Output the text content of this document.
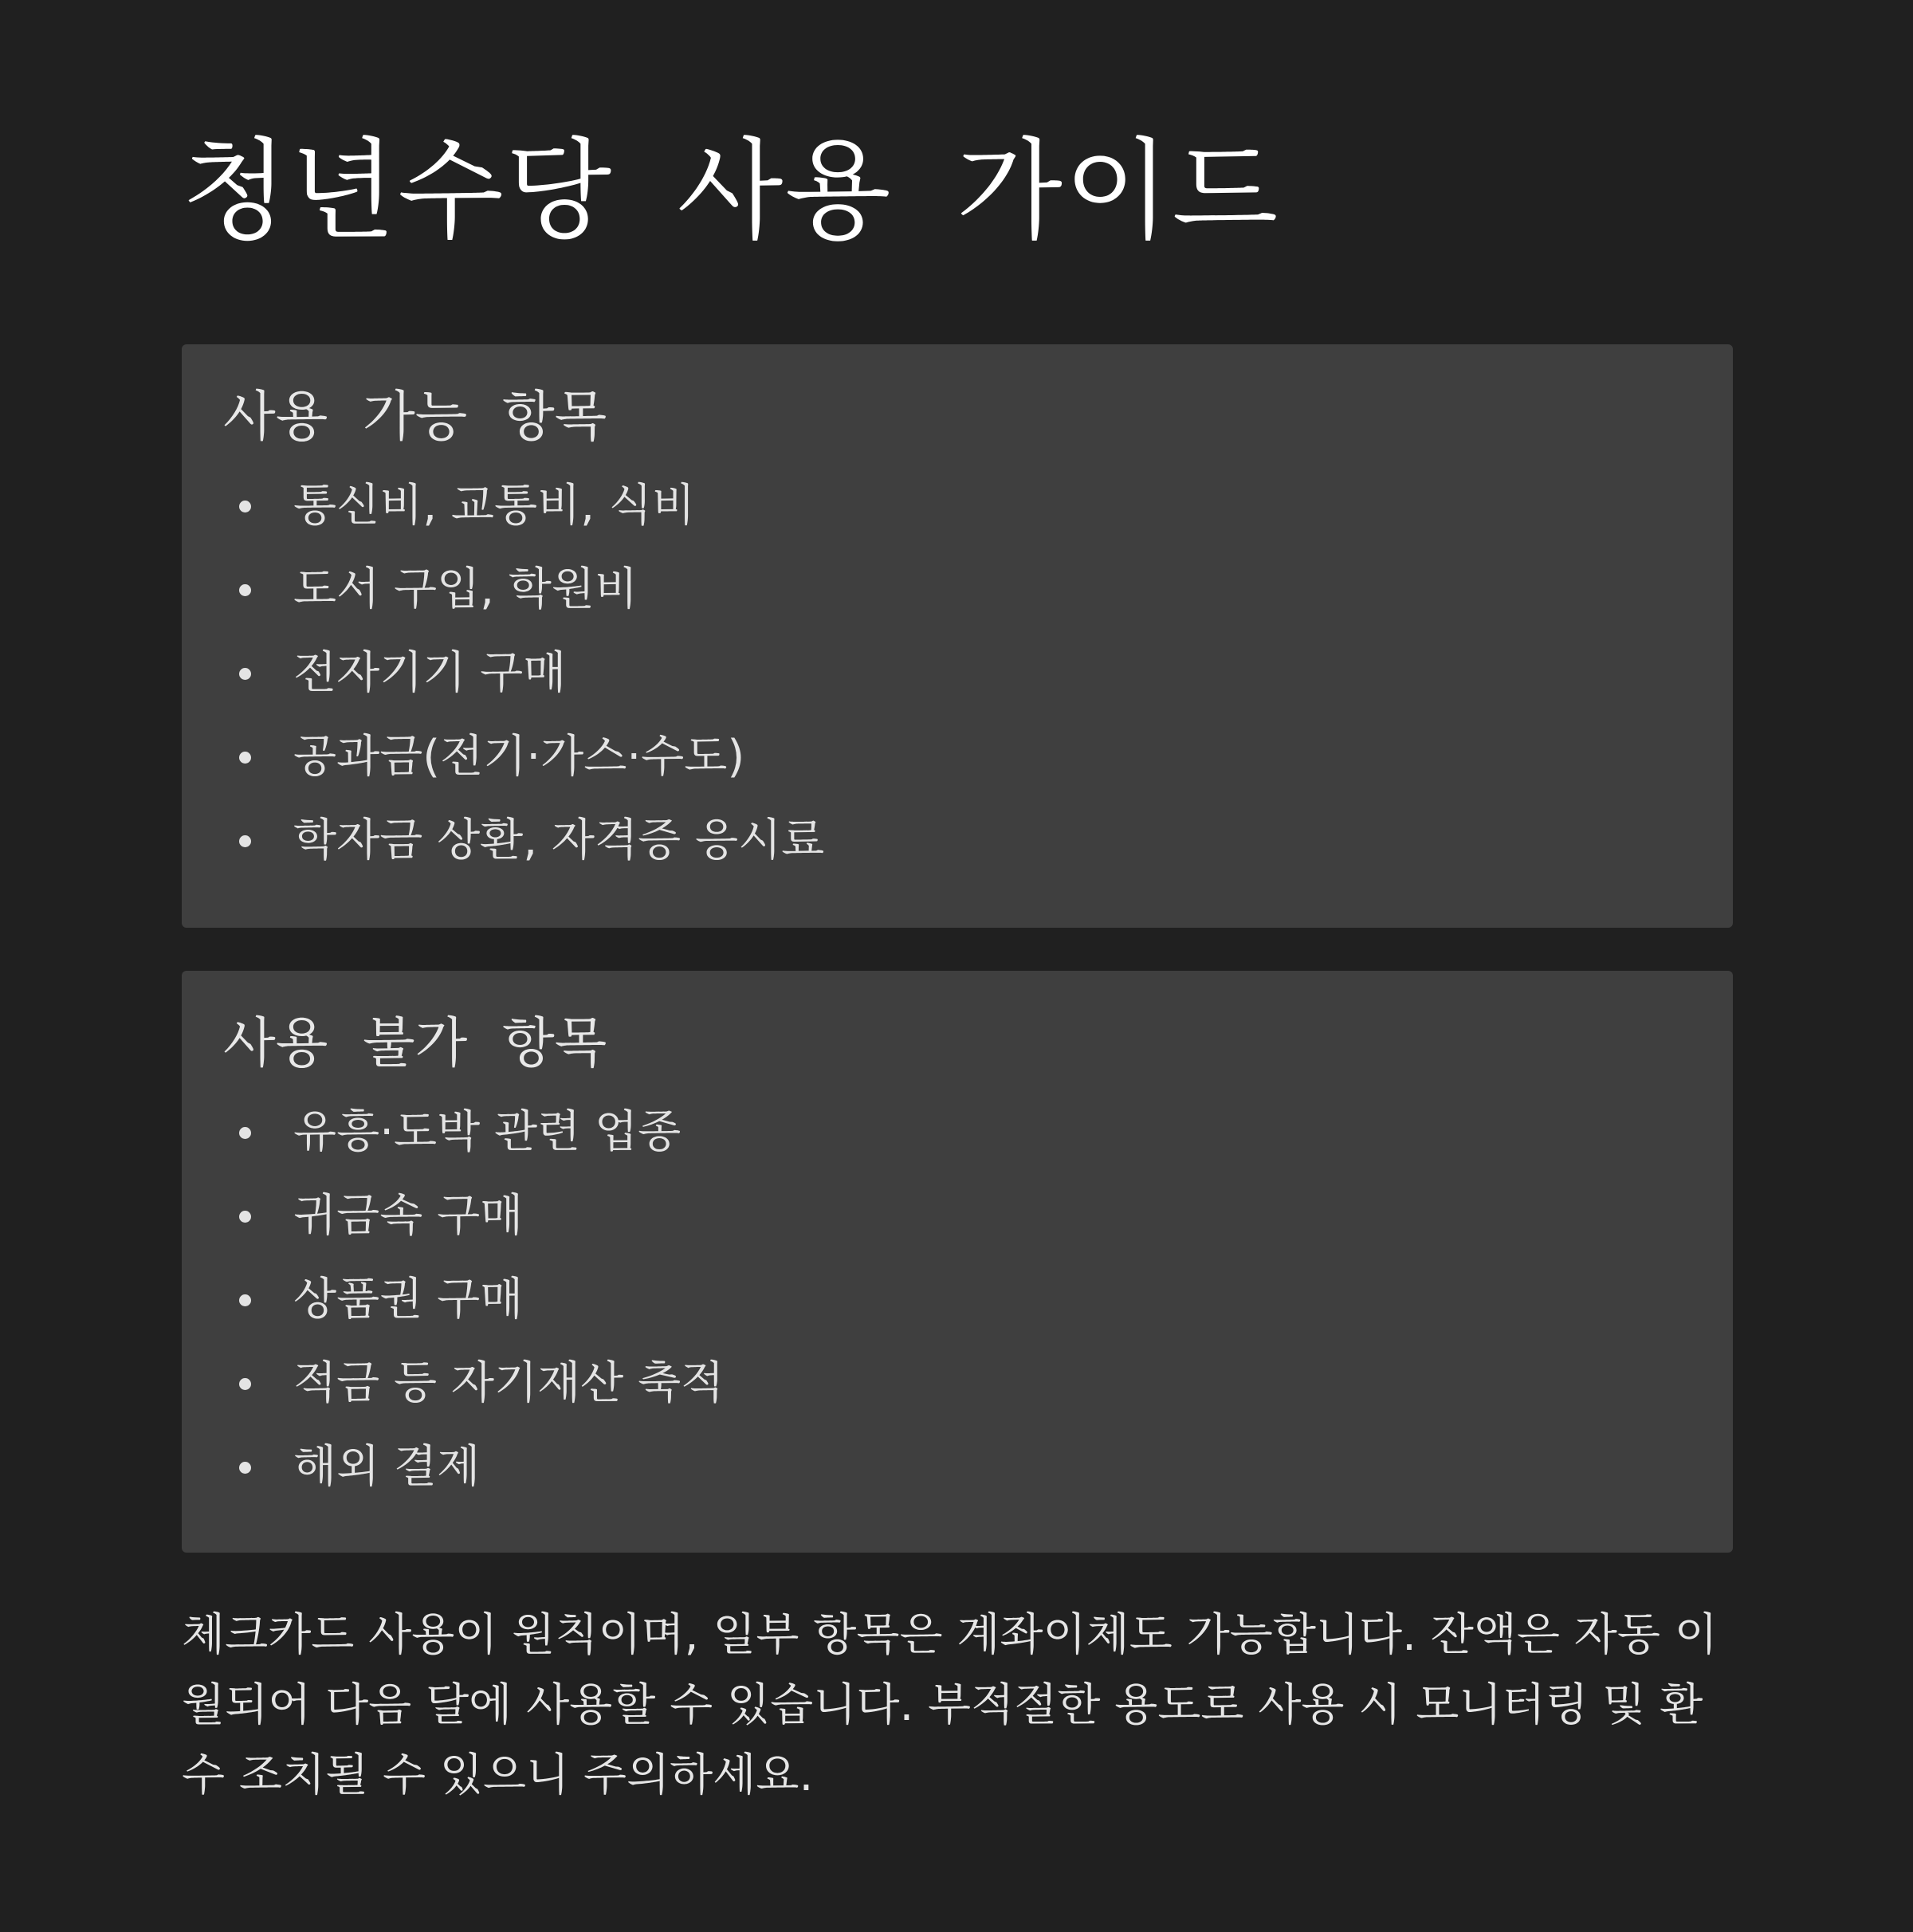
청년수당 사용 가이드
사용 가능 항목
통신비, 교통비, 식비
도서 구입, 학원비
전자기기 구매
공과금(전기·가스·수도)
학자금 상환, 자격증 응시료
사용 불가 항목
유흥·도박 관련 업종
귀금속 구매
상품권 구매
적금 등 자기재산 축적
해외 결제

체크카드 사용이 원칙이며, 일부 항목은 계좌이체도 가능합니다. 잔액은 자동 이월되어 다음 달에 사용할 수 있습니다. 부적절한 용도로 사용 시 모니터링 및 환수 조치될 수 있으니 주의하세요.
